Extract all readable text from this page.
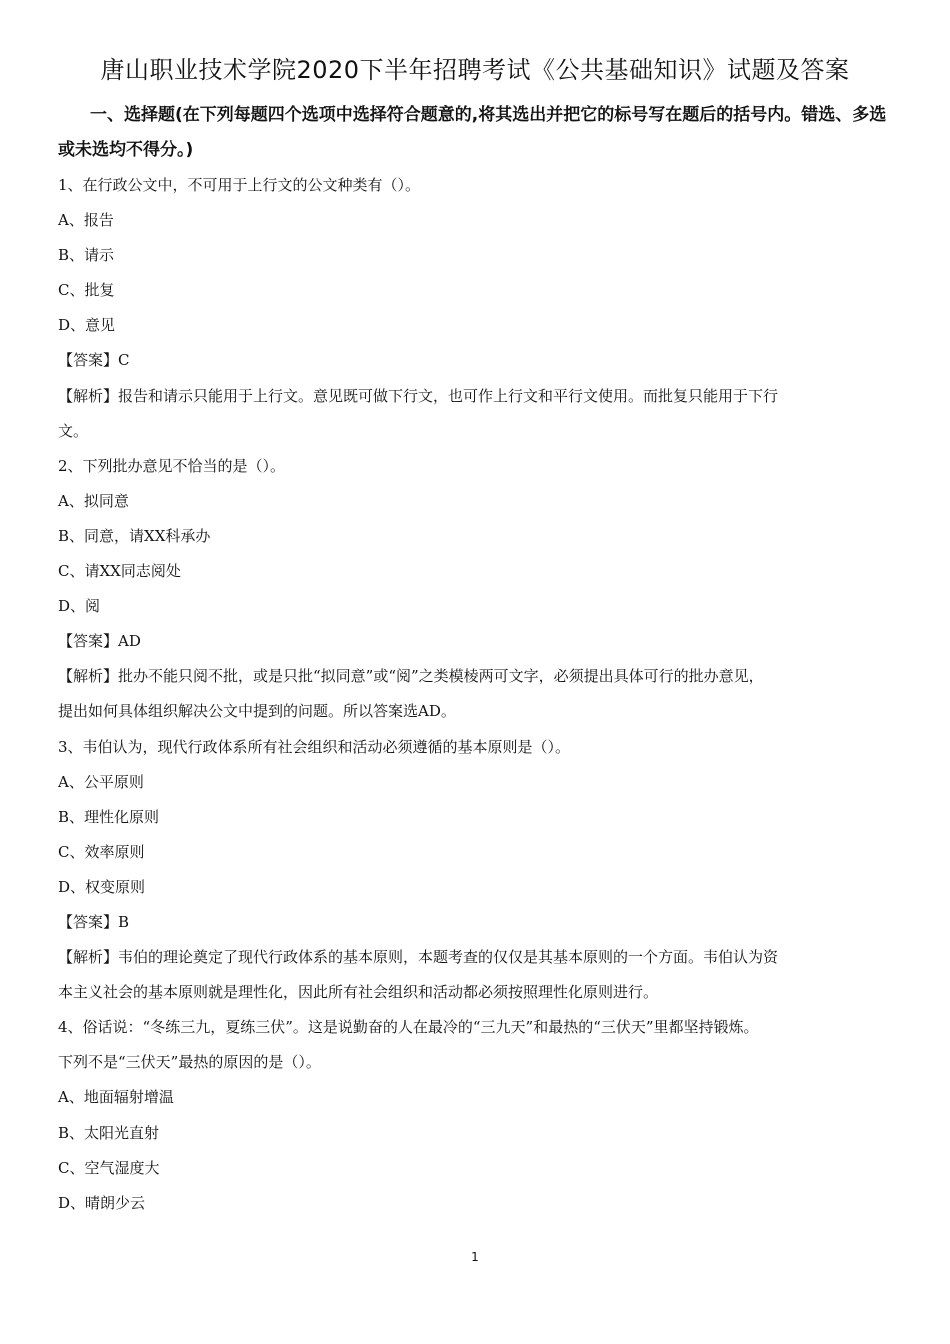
唐山职业技术学院2020下半年招聘考试《公共基础知识》试题及答案
一、选择题(在下列每题四个选项中选择符合题意的,将其选出并把它的标号写在题后的括号内。错选、多选或未选均不得分。)
1、在行政公文中，不可用于上行文的公文种类有（）。
A、报告
B、请示
C、批复
D、意见
【答案】C
【解析】报告和请示只能用于上行文。意见既可做下行文，也可作上行文和平行文使用。而批复只能用于下行
文。
2、下列批办意见不恰当的是（）。
A、拟同意
B、同意，请XX科承办
C、请XX同志阅处
D、阅
【答案】AD
【解析】批办不能只阅不批，或是只批“拟同意”或“阅”之类模棱两可文字，必须提出具体可行的批办意见，
提出如何具体组织解决公文中提到的问题。所以答案选AD。
3、韦伯认为，现代行政体系所有社会组织和活动必须遵循的基本原则是（）。
A、公平原则
B、理性化原则
C、效率原则
D、权变原则
【答案】B
【解析】韦伯的理论奠定了现代行政体系的基本原则，本题考查的仅仅是其基本原则的一个方面。韦伯认为资
本主义社会的基本原则就是理性化，因此所有社会组织和活动都必须按照理性化原则进行。
4、俗话说：“冬练三九，夏练三伏”。这是说勤奋的人在最冷的“三九天”和最热的“三伏天”里都坚持锻炼。
下列不是“三伏天”最热的原因的是（）。
A、地面辐射增温
B、太阳光直射
C、空气湿度大
D、晴朗少云
1
